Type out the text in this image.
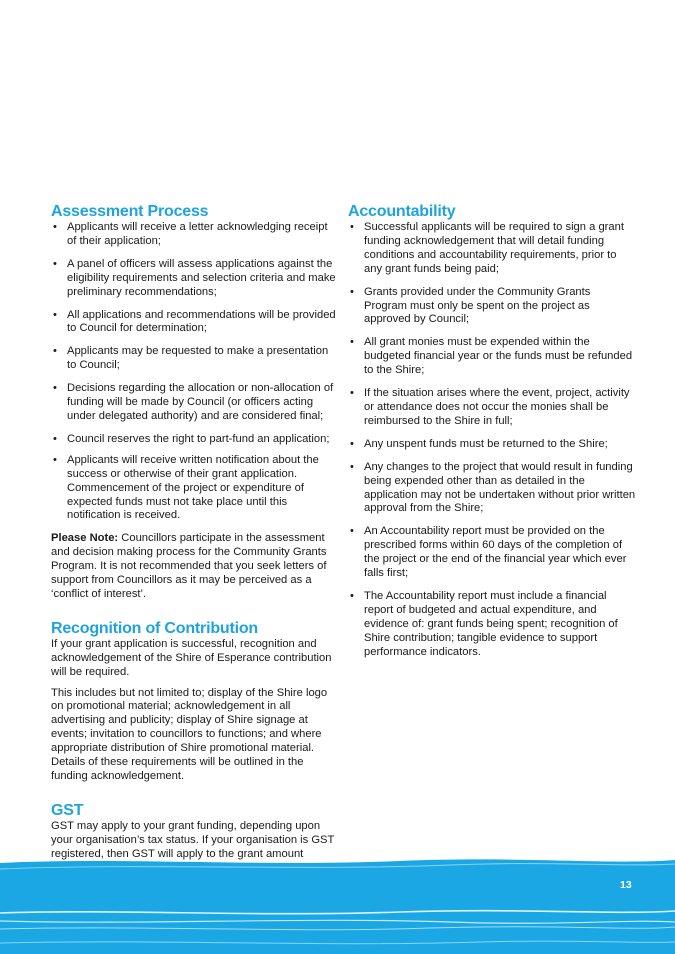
Assessment Process
• Applicants will receive a letter acknowledging receipt of their application;
• A panel of officers will assess applications against the eligibility requirements and selection criteria and make preliminary recommendations;
• All applications and recommendations will be provided to Council for determination;
• Applicants may be requested to make a presentation to Council;
• Decisions regarding the allocation or non-allocation of funding will be made by Council (or officers acting under delegated authority) and are considered final;
• Council reserves the right to part-fund an application;
• Applicants will receive written notification about the success or otherwise of their grant application. Commencement of the project or expenditure of expected funds must not take place until this notification is received.

Please Note: Councillors participate in the assessment and decision making process for the Community Grants Program. It is not recommended that you seek letters of support from Councillors as it may be perceived as a ‘conflict of interest’.

Recognition of Contribution

If your grant application is successful, recognition and acknowledgement of the Shire of Esperance contribution will be required.

This includes but not limited to; display of the Shire logo on promotional material; acknowledgement in all advertising and publicity; display of Shire signage at events; invitation to councillors to functions; and where appropriate distribution of Shire promotional material. Details of these requirements will be outlined in the funding acknowledgement.

GST

GST may apply to your grant funding, depending upon your organisation’s tax status. If your organisation is GST registered, then GST will apply to the grant amount

Accountability
• Successful applicants will be required to sign a grant funding acknowledgement that will detail funding conditions and accountability requirements, prior to any grant funds being paid;
• Grants provided under the Community Grants Program must only be spent on the project as approved by Council;
• All grant monies must be expended within the budgeted financial year or the funds must be refunded to the Shire;
• If the situation arises where the event, project, activity or attendance does not occur the monies shall be reimbursed to the Shire in full;
• Any unspent funds must be returned to the Shire;
• Any changes to the project that would result in funding being expended other than as detailed in the application may not be undertaken without prior written approval from the Shire;
• An Accountability report must be provided on the prescribed forms within 60 days of the completion of the project or the end of the financial year which ever falls first;
• The Accountability report must include a financial report of budgeted and actual expenditure, and evidence of: grant funds being spent; recognition of Shire contribution; tangible evidence to support performance indicators.
13
